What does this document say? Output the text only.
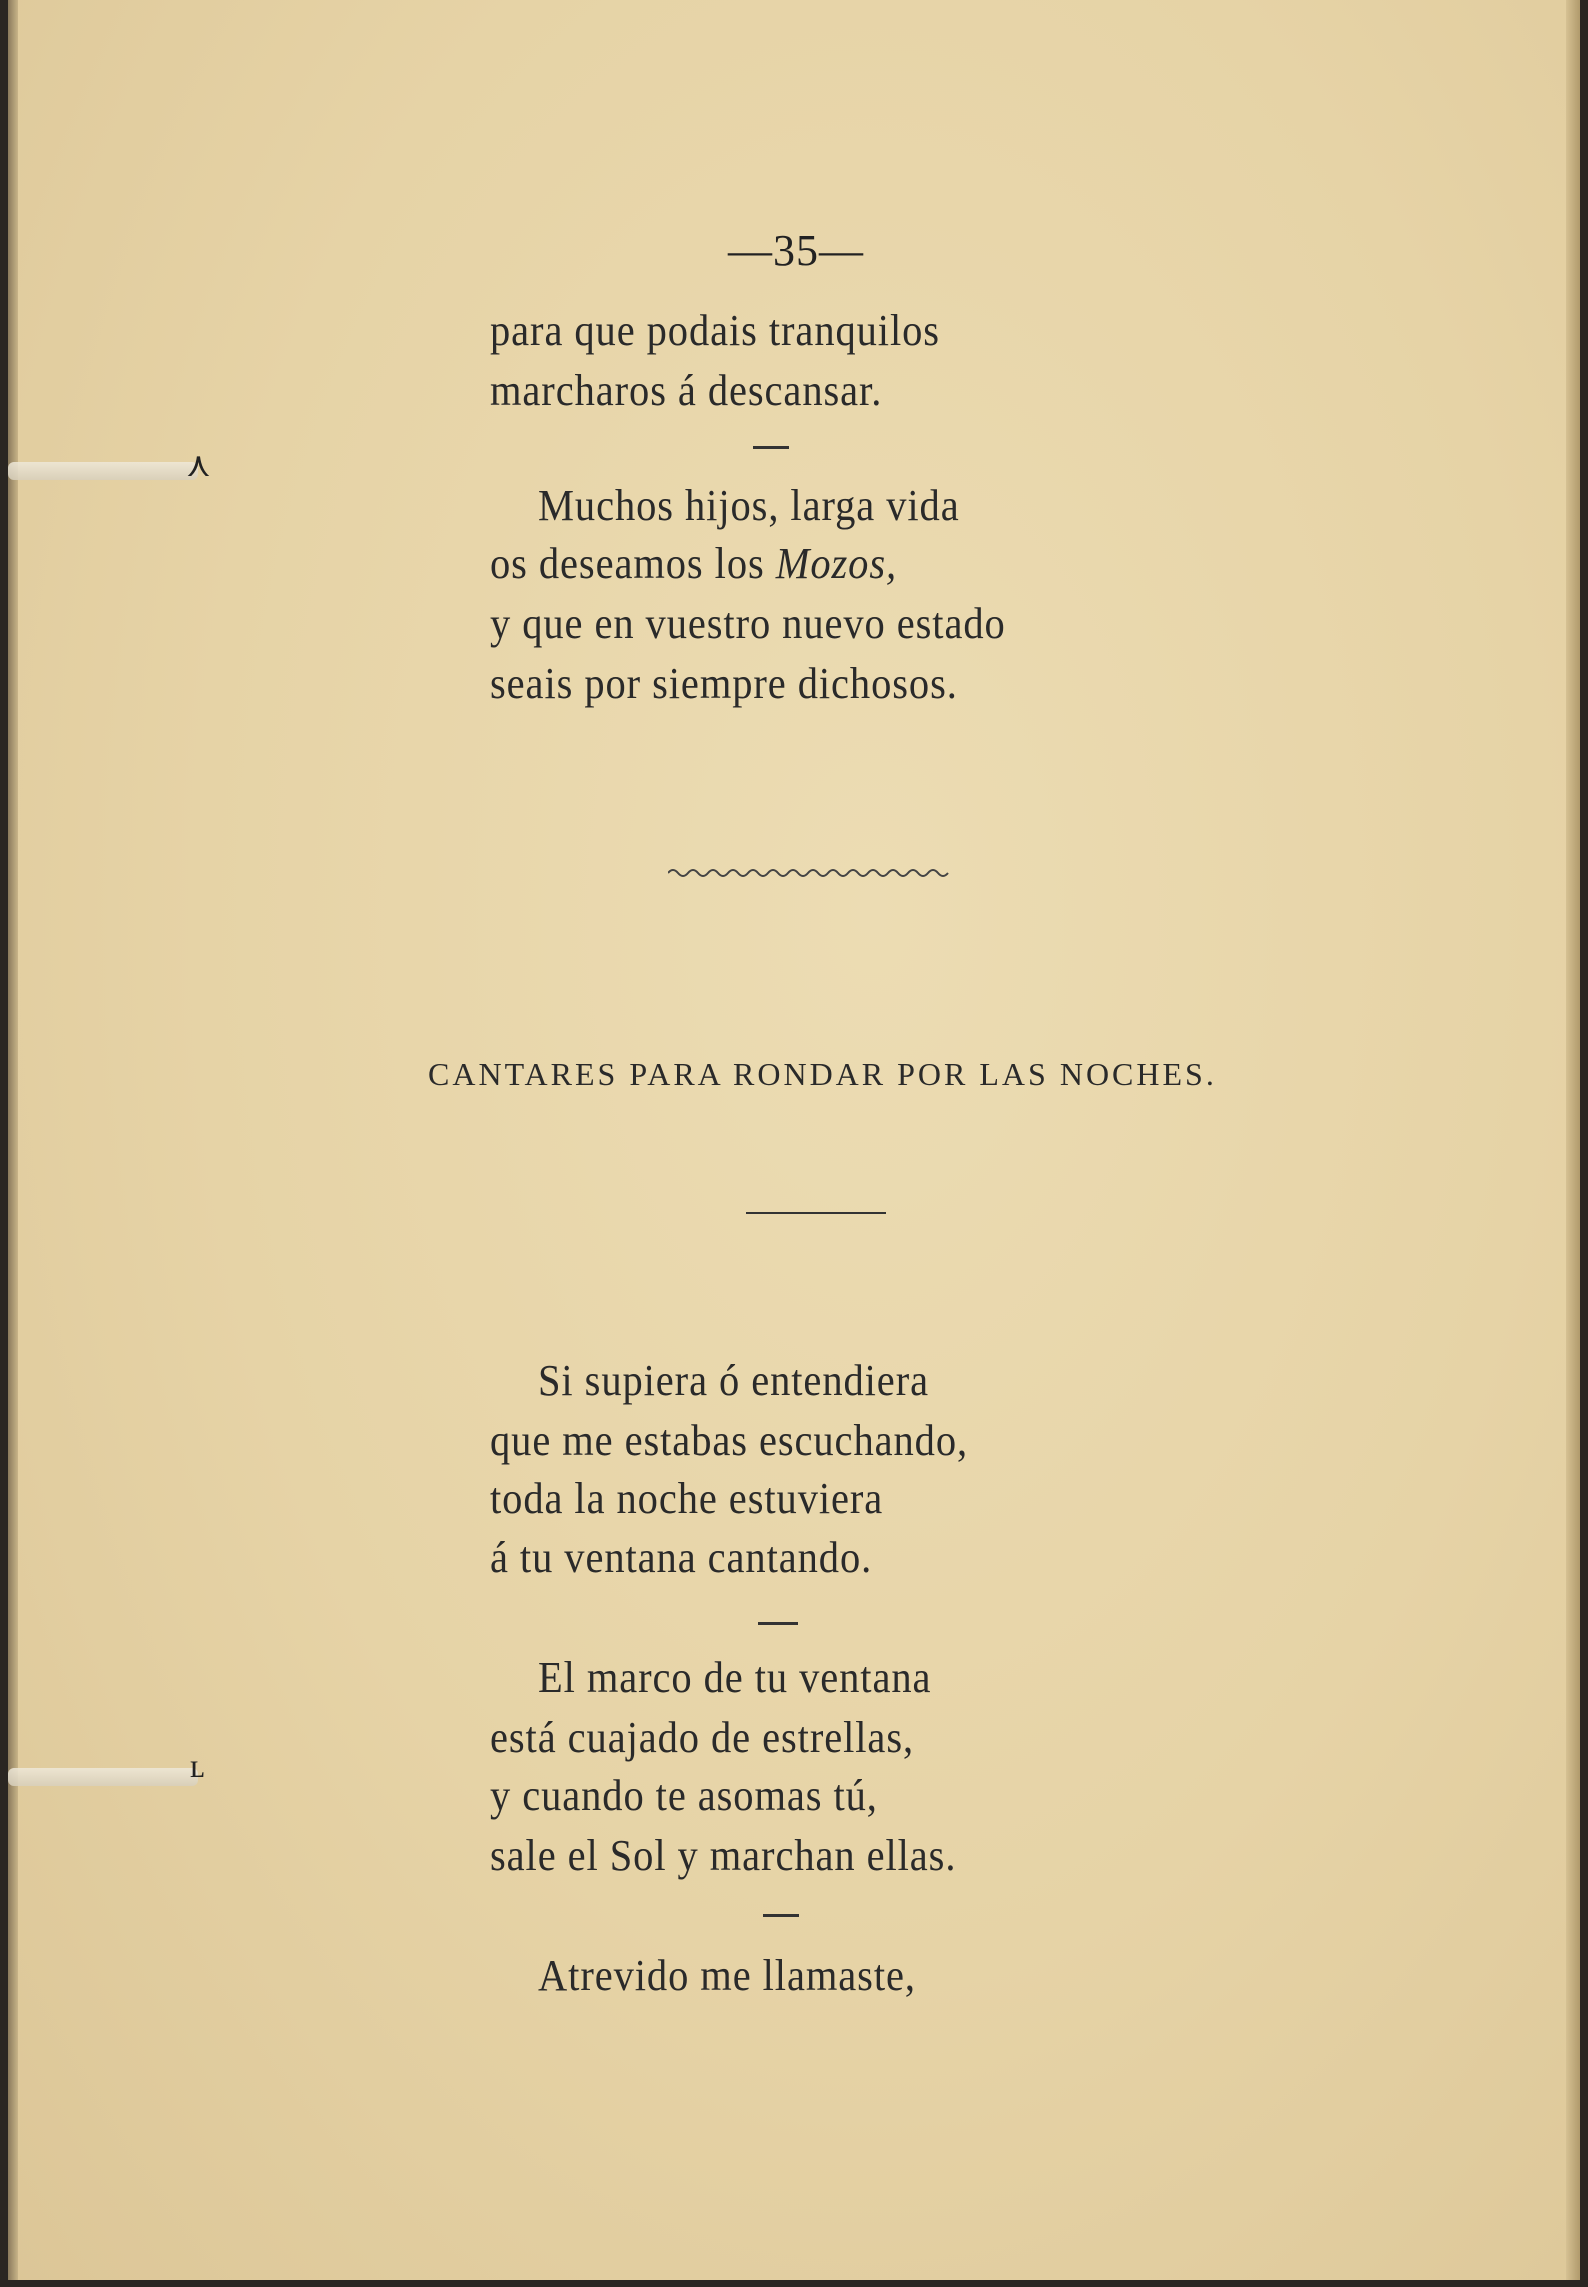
⋏
ʟ
—35—
para que podais tranquilos
marcharos á descansar.
Muchos hijos, larga vida
os deseamos los Mozos,
y que en vuestro nuevo estado
seais por siempre dichosos.
CANTARES PARA RONDAR POR LAS NOCHES.
Si supiera ó entendiera
que me estabas escuchando,
toda la noche estuviera
á tu ventana cantando.
El marco de tu ventana
está cuajado de estrellas,
y cuando te asomas tú,
sale el Sol y marchan ellas.
Atrevido me llamaste,
